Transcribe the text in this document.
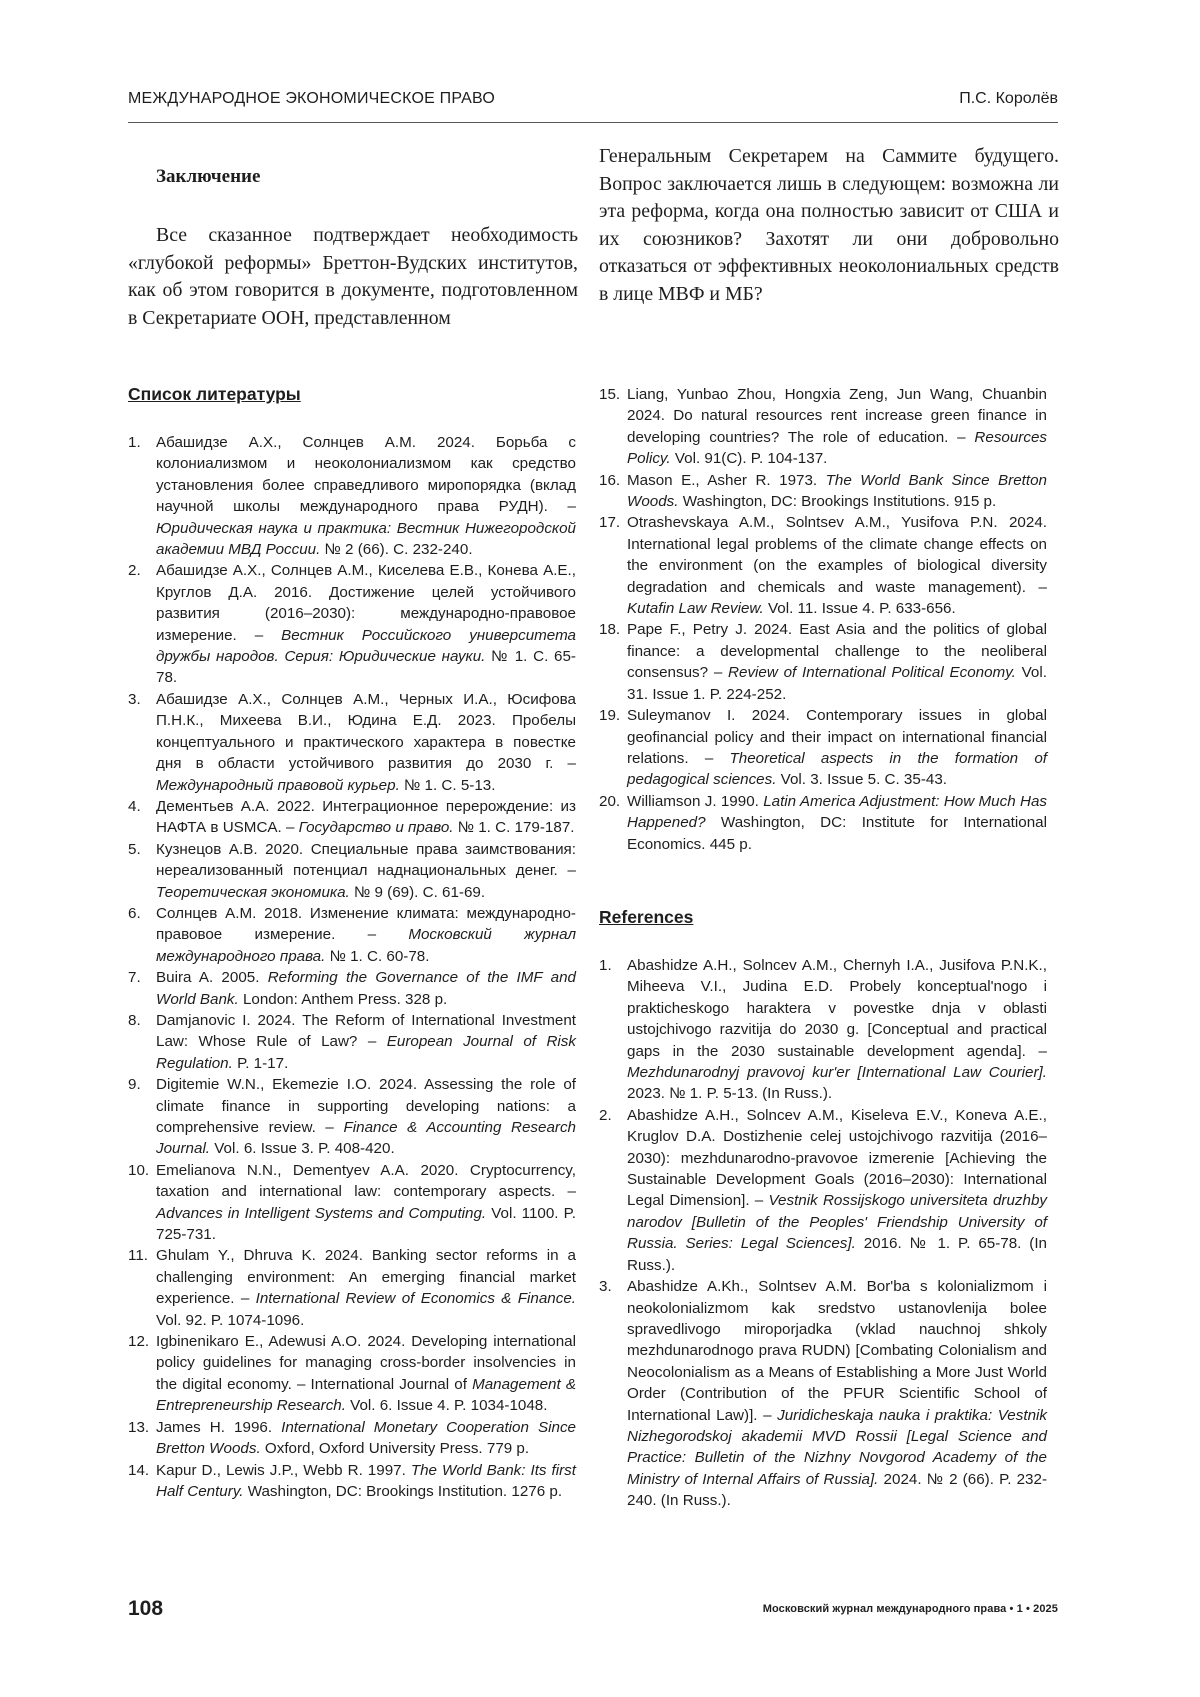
МЕЖДУНАРОДНОЕ ЭКОНОМИЧЕСКОЕ ПРАВО	П.С. Королёв
Заключение
Все сказанное подтверждает необходимость «глубокой реформы» Бреттон-Вудских институтов, как об этом говорится в документе, подготовленном в Секретариате ООН, представленном
Генеральным Секретарем на Саммите будущего. Вопрос заключается лишь в следующем: возможна ли эта реформа, когда она полностью зависит от США и их союзников? Захотят ли они добровольно отказаться от эффективных неоколониальных средств в лице МВФ и МБ?
Список литературы
1. Абашидзе А.Х., Солнцев А.М. 2024. Борьба с колониализмом и неоколониализмом как средство установления более справедливого миропорядка (вклад научной школы международного права РУДН). – Юридическая наука и практика: Вестник Нижегородской академии МВД России. № 2 (66). С. 232-240.
2. Абашидзе А.Х., Солнцев А.М., Киселева Е.В., Конева А.Е., Круглов Д.А. 2016. Достижение целей устойчивого развития (2016–2030): международно-правовое измерение. – Вестник Российского университета дружбы народов. Серия: Юридические науки. № 1. С. 65-78.
3. Абашидзе А.Х., Солнцев А.М., Черных И.А., Юсифова П.Н.К., Михеева В.И., Юдина Е.Д. 2023. Пробелы концептуального и практического характера в повестке дня в области устойчивого развития до 2030 г. – Международный правовой курьер. № 1. С. 5-13.
4. Дементьев А.А. 2022. Интеграционное перерождение: из НАФТА в USMCA. – Государство и право. № 1. С. 179-187.
5. Кузнецов А.В. 2020. Специальные права заимствования: нереализованный потенциал наднациональных денег. – Теоретическая экономика. № 9 (69). С. 61-69.
6. Солнцев А.М. 2018. Изменение климата: международно-правовое измерение. – Московский журнал международного права. № 1. С. 60-78.
7. Buira A. 2005. Reforming the Governance of the IMF and World Bank. London: Anthem Press. 328 p.
8. Damjanovic I. 2024. The Reform of International Investment Law: Whose Rule of Law? – European Journal of Risk Regulation. P. 1-17.
9. Digitemie W.N., Ekemezie I.O. 2024. Assessing the role of climate finance in supporting developing nations: a comprehensive review. – Finance & Accounting Research Journal. Vol. 6. Issue 3. P. 408-420.
10. Emelianova N.N., Dementyev A.A. 2020. Cryptocurrency, taxation and international law: contemporary aspects. – Advances in Intelligent Systems and Computing. Vol. 1100. P. 725-731.
11. Ghulam Y., Dhruva K. 2024. Banking sector reforms in a challenging environment: An emerging financial market experience. – International Review of Economics & Finance. Vol. 92. P. 1074-1096.
12. Igbinenikaro E., Adewusi A.O. 2024. Developing international policy guidelines for managing cross-border insolvencies in the digital economy. – International Journal of Management & Entrepreneurship Research. Vol. 6. Issue 4. P. 1034-1048.
13. James H. 1996. International Monetary Cooperation Since Bretton Woods. Oxford, Oxford University Press. 779 p.
14. Kapur D., Lewis J.P., Webb R. 1997. The World Bank: Its first Half Century. Washington, DC: Brookings Institution. 1276 p.
15. Liang, Yunbao Zhou, Hongxia Zeng, Jun Wang, Chuanbin 2024. Do natural resources rent increase green finance in developing countries? The role of education. – Resources Policy. Vol. 91(C). P. 104-137.
16. Mason E., Asher R. 1973. The World Bank Since Bretton Woods. Washington, DC: Brookings Institutions. 915 p.
17. Otrashevskaya A.M., Solntsev A.M., Yusifova P.N. 2024. International legal problems of the climate change effects on the environment (on the examples of biological diversity degradation and chemicals and waste management). – Kutafin Law Review. Vol. 11. Issue 4. P. 633-656.
18. Pape F., Petry J. 2024. East Asia and the politics of global finance: a developmental challenge to the neoliberal consensus? – Review of International Political Economy. Vol. 31. Issue 1. P. 224-252.
19. Suleymanov I. 2024. Contemporary issues in global geofinancial policy and their impact on international financial relations. – Theoretical aspects in the formation of pedagogical sciences. Vol. 3. Issue 5. C. 35-43.
20. Williamson J. 1990. Latin America Adjustment: How Much Has Happened? Washington, DC: Institute for International Economics. 445 p.
References
1. Abashidze A.H., Solncev A.M., Chernyh I.A., Jusifova P.N.K., Miheeva V.I., Judina E.D. Probely konceptual'nogo i prakticheskogo haraktera v povestke dnja v oblasti ustojchivogo razvitija do 2030 g. [Conceptual and practical gaps in the 2030 sustainable development agenda]. – Mezhdunarodnyj pravovoj kur'er [International Law Courier]. 2023. № 1. P. 5-13. (In Russ.).
2. Abashidze A.H., Solncev A.M., Kiseleva E.V., Koneva A.E., Kruglov D.A. Dostizhenie celej ustojchivogo razvitija (2016–2030): mezhdunarodno-pravovoe izmerenie [Achieving the Sustainable Development Goals (2016–2030): International Legal Dimension]. – Vestnik Rossijskogo universiteta druzhby narodov [Bulletin of the Peoples' Friendship University of Russia. Series: Legal Sciences]. 2016. № 1. P. 65-78. (In Russ.).
3. Abashidze A.Kh., Solntsev A.M. Bor'ba s kolonializmom i neokolonializmom kak sredstvo ustanovlenija bolee spravedlivogo miroporjadka (vklad nauchnoj shkoly mezhdunarodnogo prava RUDN) [Combating Colonialism and Neocolonialism as a Means of Establishing a More Just World Order (Contribution of the PFUR Scientific School of International Law)]. – Juridicheskaja nauka i praktika: Vestnik Nizhegorodskoj akademii MVD Rossii [Legal Science and Practice: Bulletin of the Nizhny Novgorod Academy of the Ministry of Internal Affairs of Russia]. 2024. № 2 (66). P. 232-240. (In Russ.).
108	Московский журнал международного права • 1 • 2025
